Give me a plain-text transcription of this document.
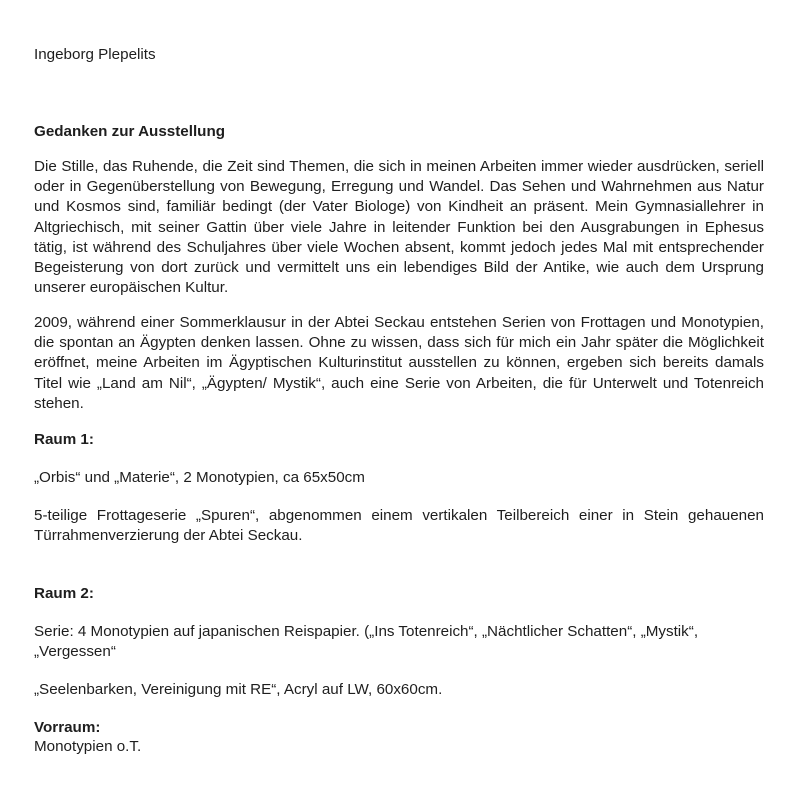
Ingeborg Plepelits
Gedanken zur Ausstellung

Die Stille, das Ruhende, die Zeit sind Themen, die sich in meinen Arbeiten immer wieder ausdrücken, seriell oder in Gegenüberstellung von Bewegung, Erregung und Wandel. Das Sehen und Wahrnehmen aus Natur und Kosmos sind, familiär bedingt (der Vater Biologe) von Kindheit an präsent. Mein Gymnasiallehrer in Altgriechisch, mit seiner Gattin über viele Jahre in leitender Funktion bei den Ausgrabungen in Ephesus tätig, ist während des Schuljahres über viele Wochen absent, kommt jedoch jedes Mal mit entsprechender Begeisterung von dort zurück und vermittelt uns ein lebendiges Bild der Antike, wie auch dem Ursprung unserer europäischen Kultur.

2009, während einer Sommerklausur in der Abtei Seckau entstehen Serien von Frottagen und Monotypien, die spontan an Ägypten denken lassen. Ohne zu wissen, dass sich für mich ein Jahr später die Möglichkeit eröffnet, meine Arbeiten im Ägyptischen Kulturinstitut ausstellen zu können, ergeben sich bereits damals Titel wie „Land am Nil“, „Ägypten/ Mystik“, auch eine Serie von Arbeiten, die für Unterwelt und Totenreich stehen.

Raum 1:
„Orbis“ und „Materie“, 2 Monotypien, ca 65x50cm

5-teilige Frottageserie „Spuren“, abgenommen einem vertikalen Teilbereich einer in Stein gehauenen Türrahmenverzierung der Abtei Seckau.

Raum 2:

Serie: 4 Monotypien auf japanischen Reispapier. („Ins Totenreich“, „Nächtlicher Schatten“, „Mystik“, „Vergessen“

„Seelenbarken, Vereinigung mit RE“, Acryl auf LW, 60x60cm.
Vorraum:
Monotypien o.T.
